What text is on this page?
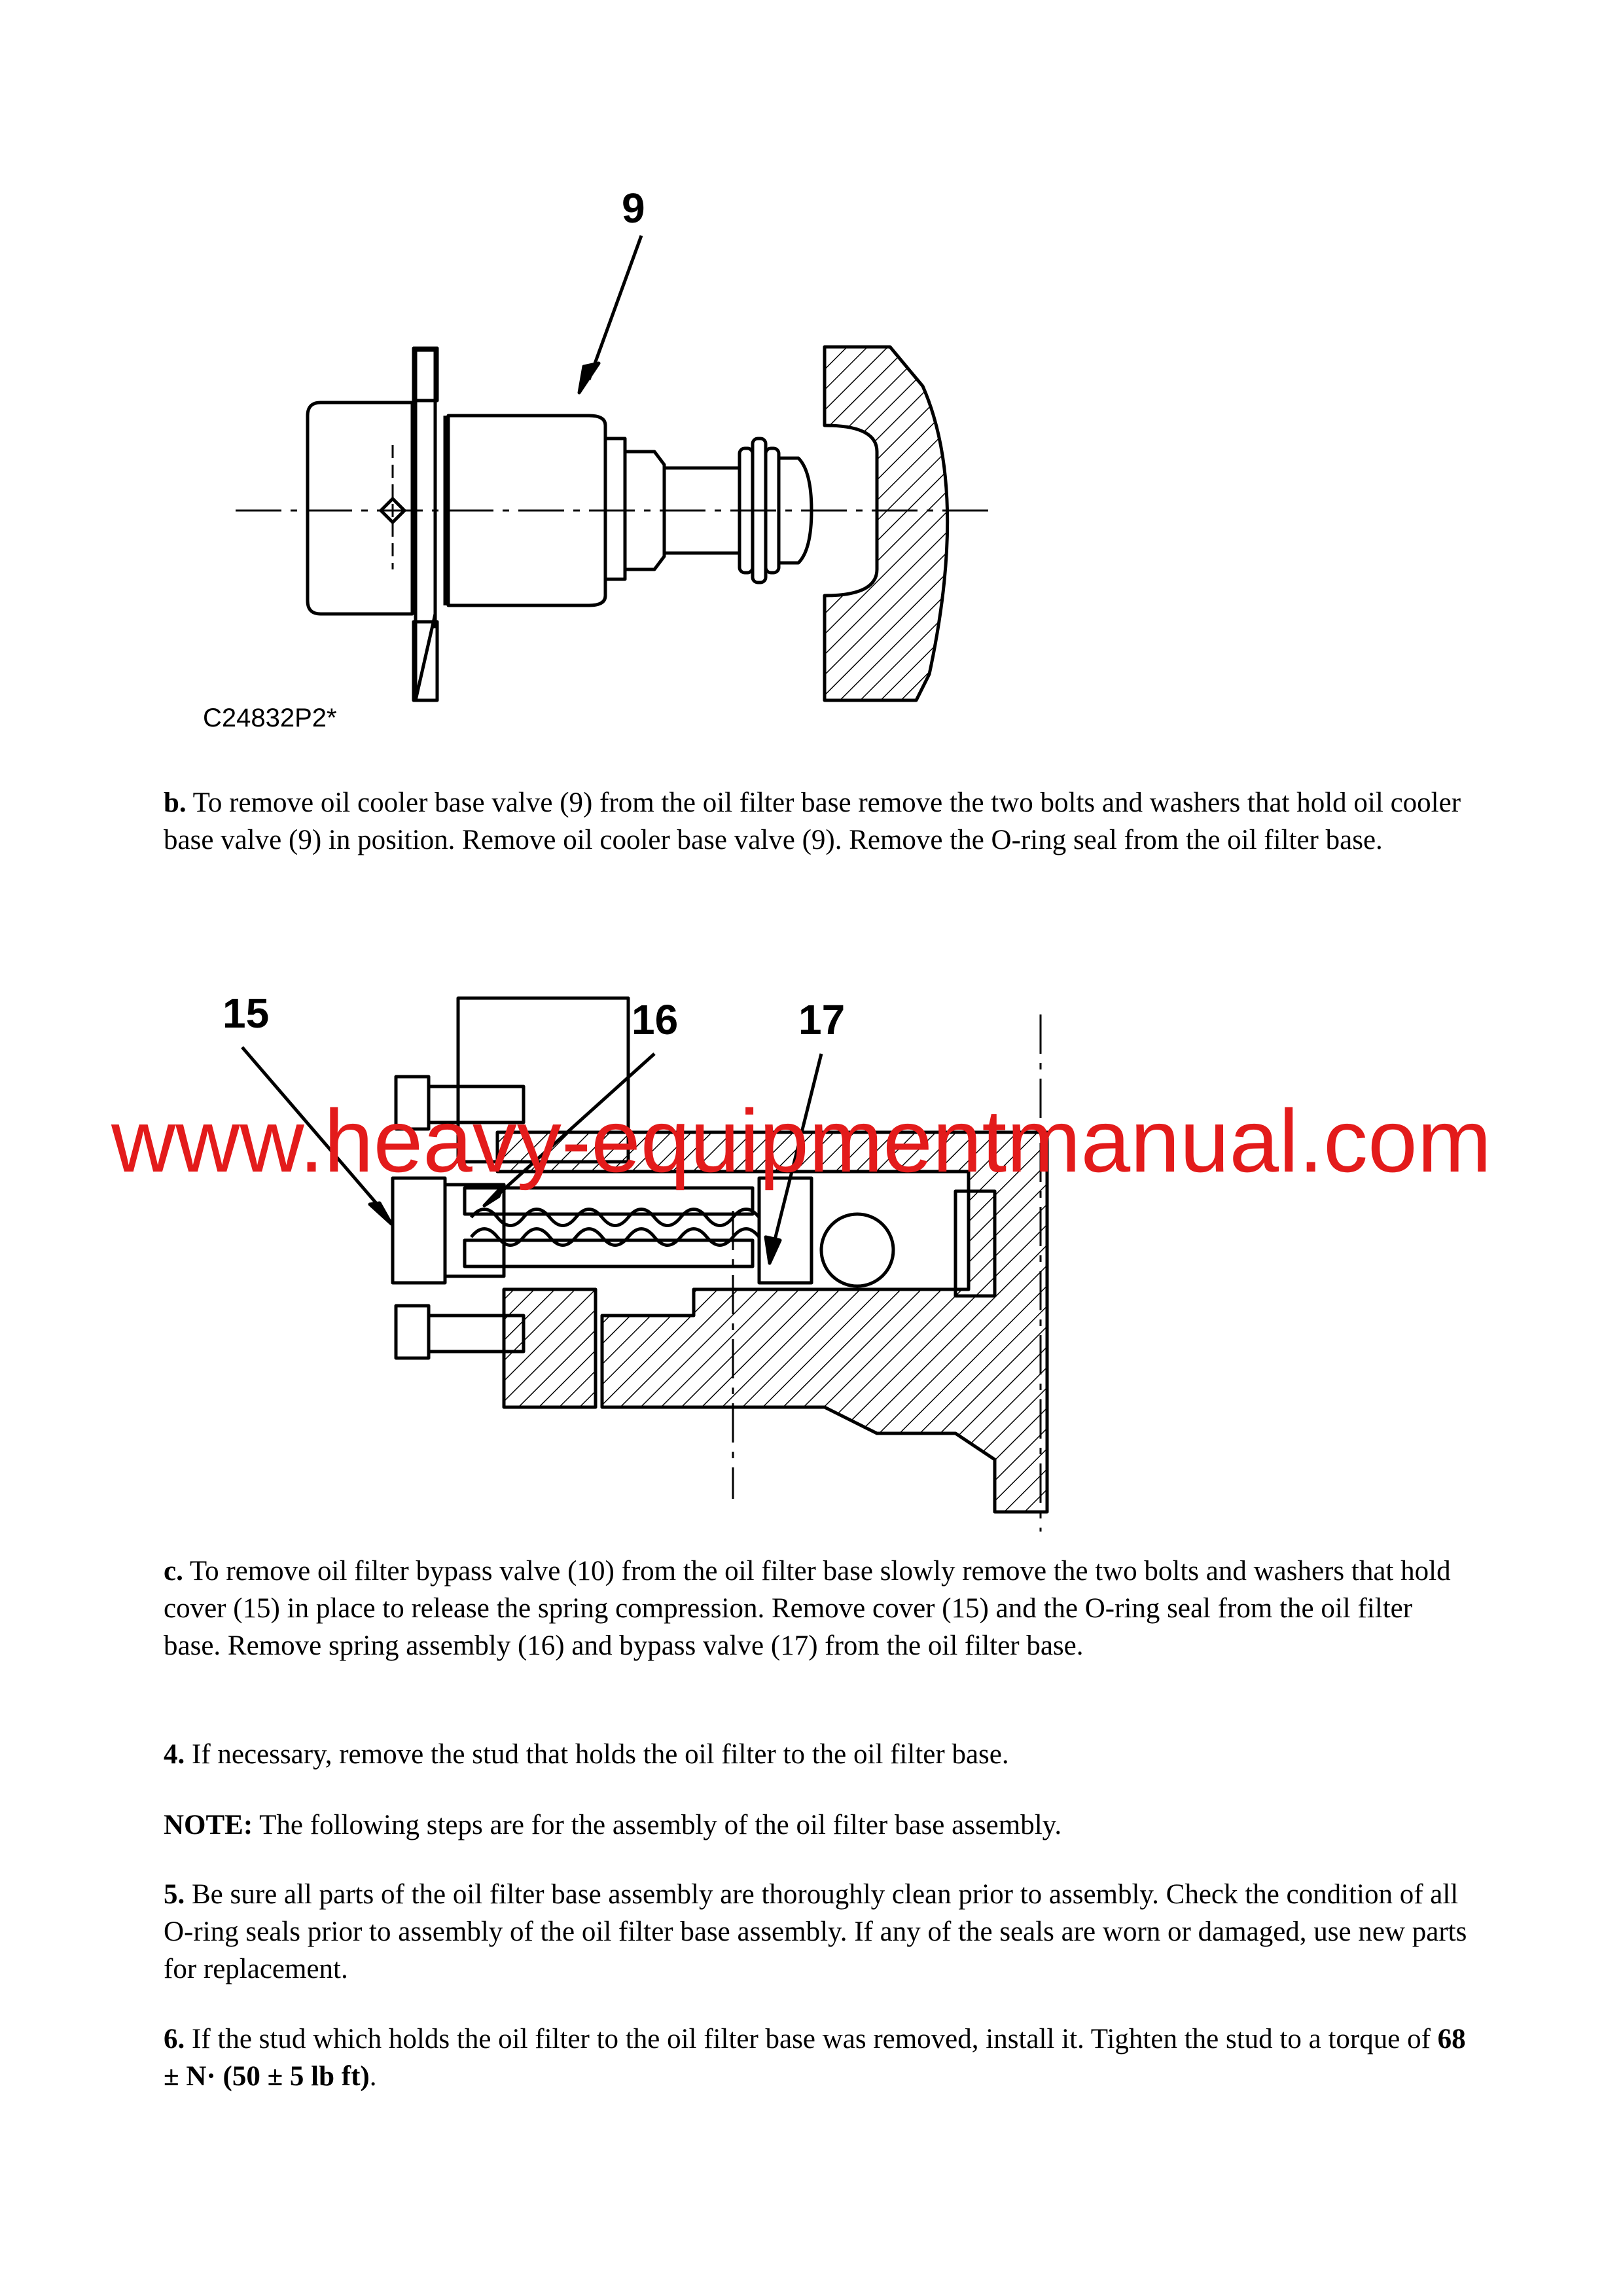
9
C24832P2*

b. To remove oil cooler base valve (9) from the oil filter base remove the two bolts and washers that hold oil cooler base valve (9) in position. Remove oil cooler base valve (9). Remove the O-ring seal from the oil filter base.

15	16	17
www.heavy-equipmentmanual.com

c. To remove oil filter bypass valve (10) from the oil filter base slowly remove the two bolts and washers that hold cover (15) in place to release the spring compression. Remove cover (15) and the O-ring seal from the oil filter base. Remove spring assembly (16) and bypass valve (17) from the oil filter base.

4. If necessary, remove the stud that holds the oil filter to the oil filter base.

NOTE: The following steps are for the assembly of the oil filter base assembly.

5. Be sure all parts of the oil filter base assembly are thoroughly clean prior to assembly. Check the condition of all O-ring seals prior to assembly of the oil filter base assembly. If any of the seals are worn or damaged, use new parts for replacement.

6. If the stud which holds the oil filter to the oil filter base was removed, install it. Tighten the stud to a torque of 68 ± N· (50 ± 5 lb ft).
